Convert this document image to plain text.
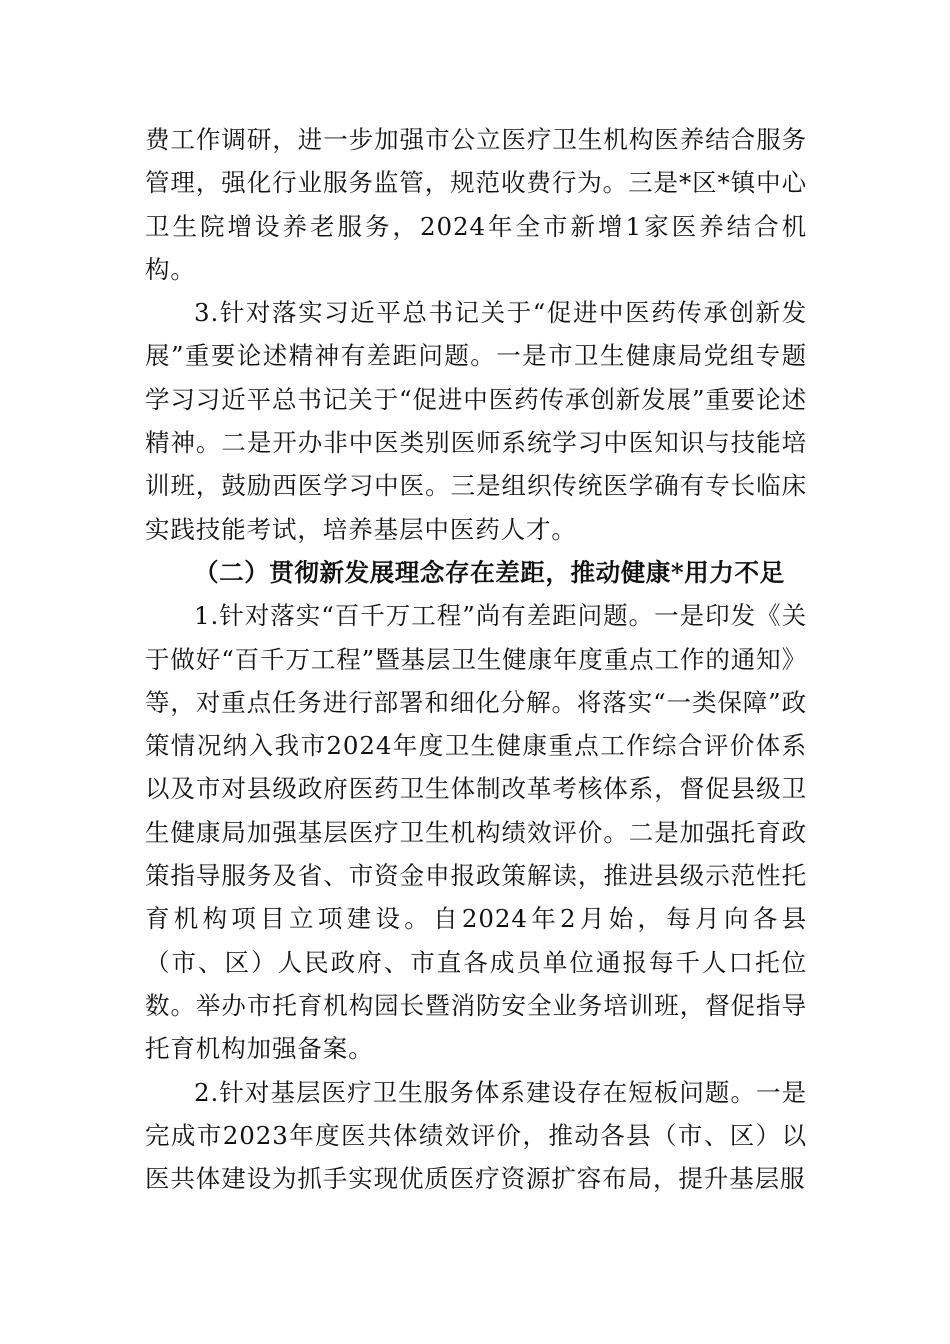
费工作调研，进一步加强市公立医疗卫生机构医养结合服务管理，强化行业服务监管，规范收费行为。三是*区*镇中心卫生院增设养老服务，2024年全市新增1家医养结合机构。

3.针对落实习近平总书记关于“促进中医药传承创新发展”重要论述精神有差距问题。一是市卫生健康局党组专题学习习近平总书记关于“促进中医药传承创新发展”重要论述精神。二是开办非中医类别医师系统学习中医知识与技能培训班，鼓励西医学习中医。三是组织传统医学确有专长临床实践技能考试，培养基层中医药人才。

（二）贯彻新发展理念存在差距，推动健康*用力不足

1.针对落实“百千万工程”尚有差距问题。一是印发《关于做好“百千万工程”暨基层卫生健康年度重点工作的通知》等，对重点任务进行部署和细化分解。将落实“一类保障”政策情况纳入我市2024年度卫生健康重点工作综合评价体系以及市对县级政府医药卫生体制改革考核体系，督促县级卫生健康局加强基层医疗卫生机构绩效评价。二是加强托育政策指导服务及省、市资金申报政策解读，推进县级示范性托育机构项目立项建设。自2024年2月始，每月向各县（市、区）人民政府、市直各成员单位通报每千人口托位数。举办市托育机构园长暨消防安全业务培训班，督促指导托育机构加强备案。

2.针对基层医疗卫生服务体系建设存在短板问题。一是完成市2023年度医共体绩效评价，推动各县（市、区）以医共体建设为抓手实现优质医疗资源扩容布局，提升基层服
